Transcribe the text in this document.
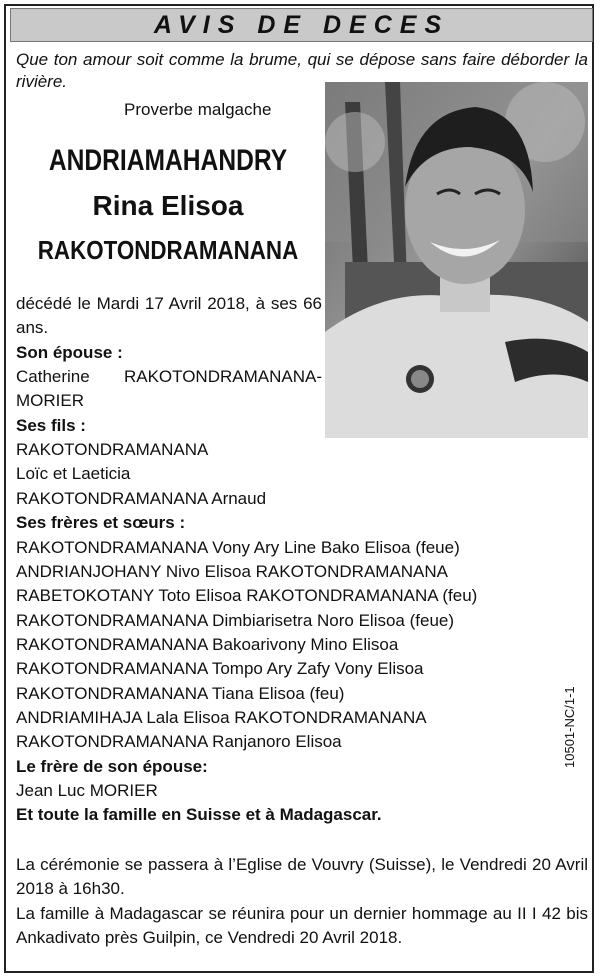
AVIS DE DECES

Que ton amour soit comme la brume, qui se dépose sans faire déborder la rivière.

Proverbe malgache

ANDRIAMAHANDRY

Rina Elisoa

RAKOTONDRAMANANA

décédé le Mardi 17 Avril 2018, à ses 66 ans.

Son épouse :

Catherine RAKOTONDRAMANANA-MORIER

Ses fils :

RAKOTONDRAMANANA Loïc et Laeticia

RAKOTONDRAMANANA Arnaud

Ses frères et sœurs :

RAKOTONDRAMANANA Vony Ary Line Bako Elisoa (feue)

ANDRIANJOHANY Nivo Elisoa RAKOTONDRAMANANA

RABETOKOTANY Toto Elisoa RAKOTONDRAMANANA (feu)

RAKOTONDRAMANANA Dimbiarisetra Noro Elisoa (feue)

RAKOTONDRAMANANA Bakoarivony Mino Elisoa

RAKOTONDRAMANANA Tompo Ary Zafy Vony Elisoa

RAKOTONDRAMANANA Tiana Elisoa (feu)

ANDRIAMIHAJA Lala Elisoa RAKOTONDRAMANANA

RAKOTONDRAMANANA Ranjanoro Elisoa

Le frère de son épouse:

Jean Luc MORIER

Et toute la famille en Suisse et à Madagascar.

10501-NC/1-1

La cérémonie se passera à l’Eglise de Vouvry (Suisse), le Vendredi 20 Avril 2018 à 16h30.

La famille à Madagascar se réunira pour un dernier hommage au II I 42 bis Ankadivato près Guilpin, ce Vendredi 20 Avril 2018.
